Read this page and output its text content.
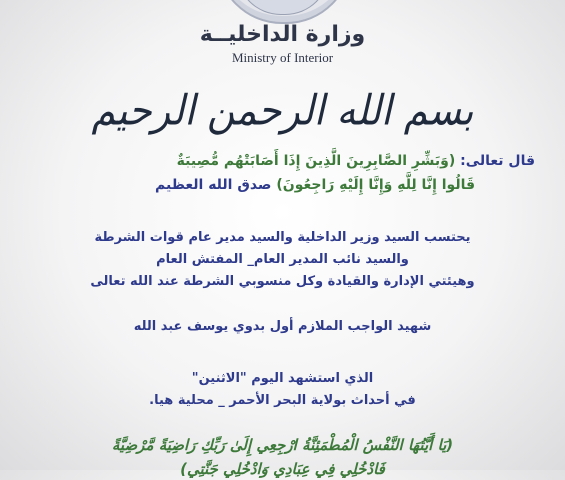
وزارة الداخليــة
Ministry of Interior
بسم الله الرحمن الرحيم
قال تعالى: (وَبَشِّرِ الصَّابِرِينَ الَّذِينَ إِذَا أَصَابَتْهُم مُّصِيبَةٌ
قَالُوا إِنَّا لِلَّهِ وَإِنَّا إِلَيْهِ رَاجِعُونَ) صدق الله العظيم
يحتسب السيد وزير الداخلية والسيد مدير عام قوات الشرطة
والسيد نائب المدير العام_ المفتش العام
وهيئتي الإدارة والقيادة وكل منسوبي الشرطة عند الله تعالى
شهيد الواجب الملازم أول بدوي يوسف عبد الله
الذي استشهد اليوم "الاثنين"
في أحداث بولاية البحر الأحمر _ محلية هيا.
(يَا أَيَّتُهَا النَّفْسُ الْمُطْمَئِنَّةُ ارْجِعِي إِلَىٰ رَبِّكِ رَاضِيَةً مَّرْضِيَّةً
فَادْخُلِي فِي عِبَادِي وَادْخُلِي جَنَّتِي)
